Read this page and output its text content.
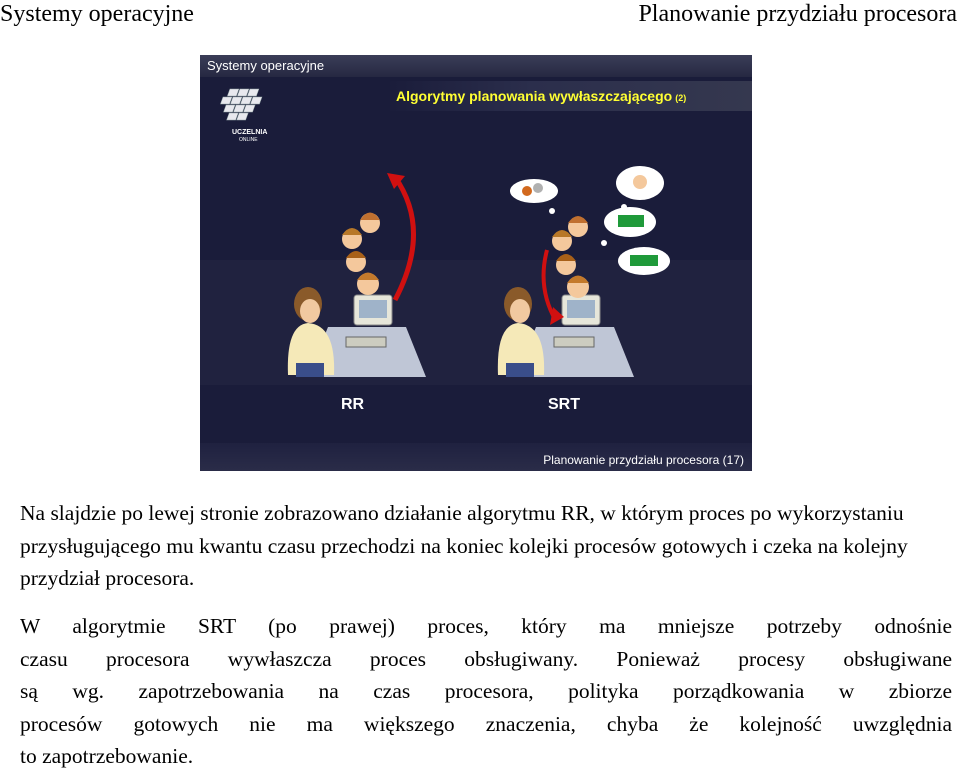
Systemy operacyjne	Planowanie przydziału procesora
Systemy operacyjne
UCZELNIA
ONLINE
Algorytmy planowania wywłaszczającego (2)
RR	SRT
Planowanie przydziału procesora (17)
Na slajdzie po lewej stronie zobrazowano działanie algorytmu RR, w którym proces po wykorzystaniu przysługującego mu kwantu czasu przechodzi na koniec kolejki procesów gotowych i czeka na kolejny przydział procesora.
W algorytmie SRT (po prawej) proces, który ma mniejsze potrzeby odnośnie
czasu procesora wywłaszcza proces obsługiwany. Ponieważ procesy obsługiwane
są wg. zapotrzebowania na czas procesora, polityka porządkowania w zbiorze
procesów gotowych nie ma większego znaczenia, chyba że kolejność uwzględnia
to zapotrzebowanie.
